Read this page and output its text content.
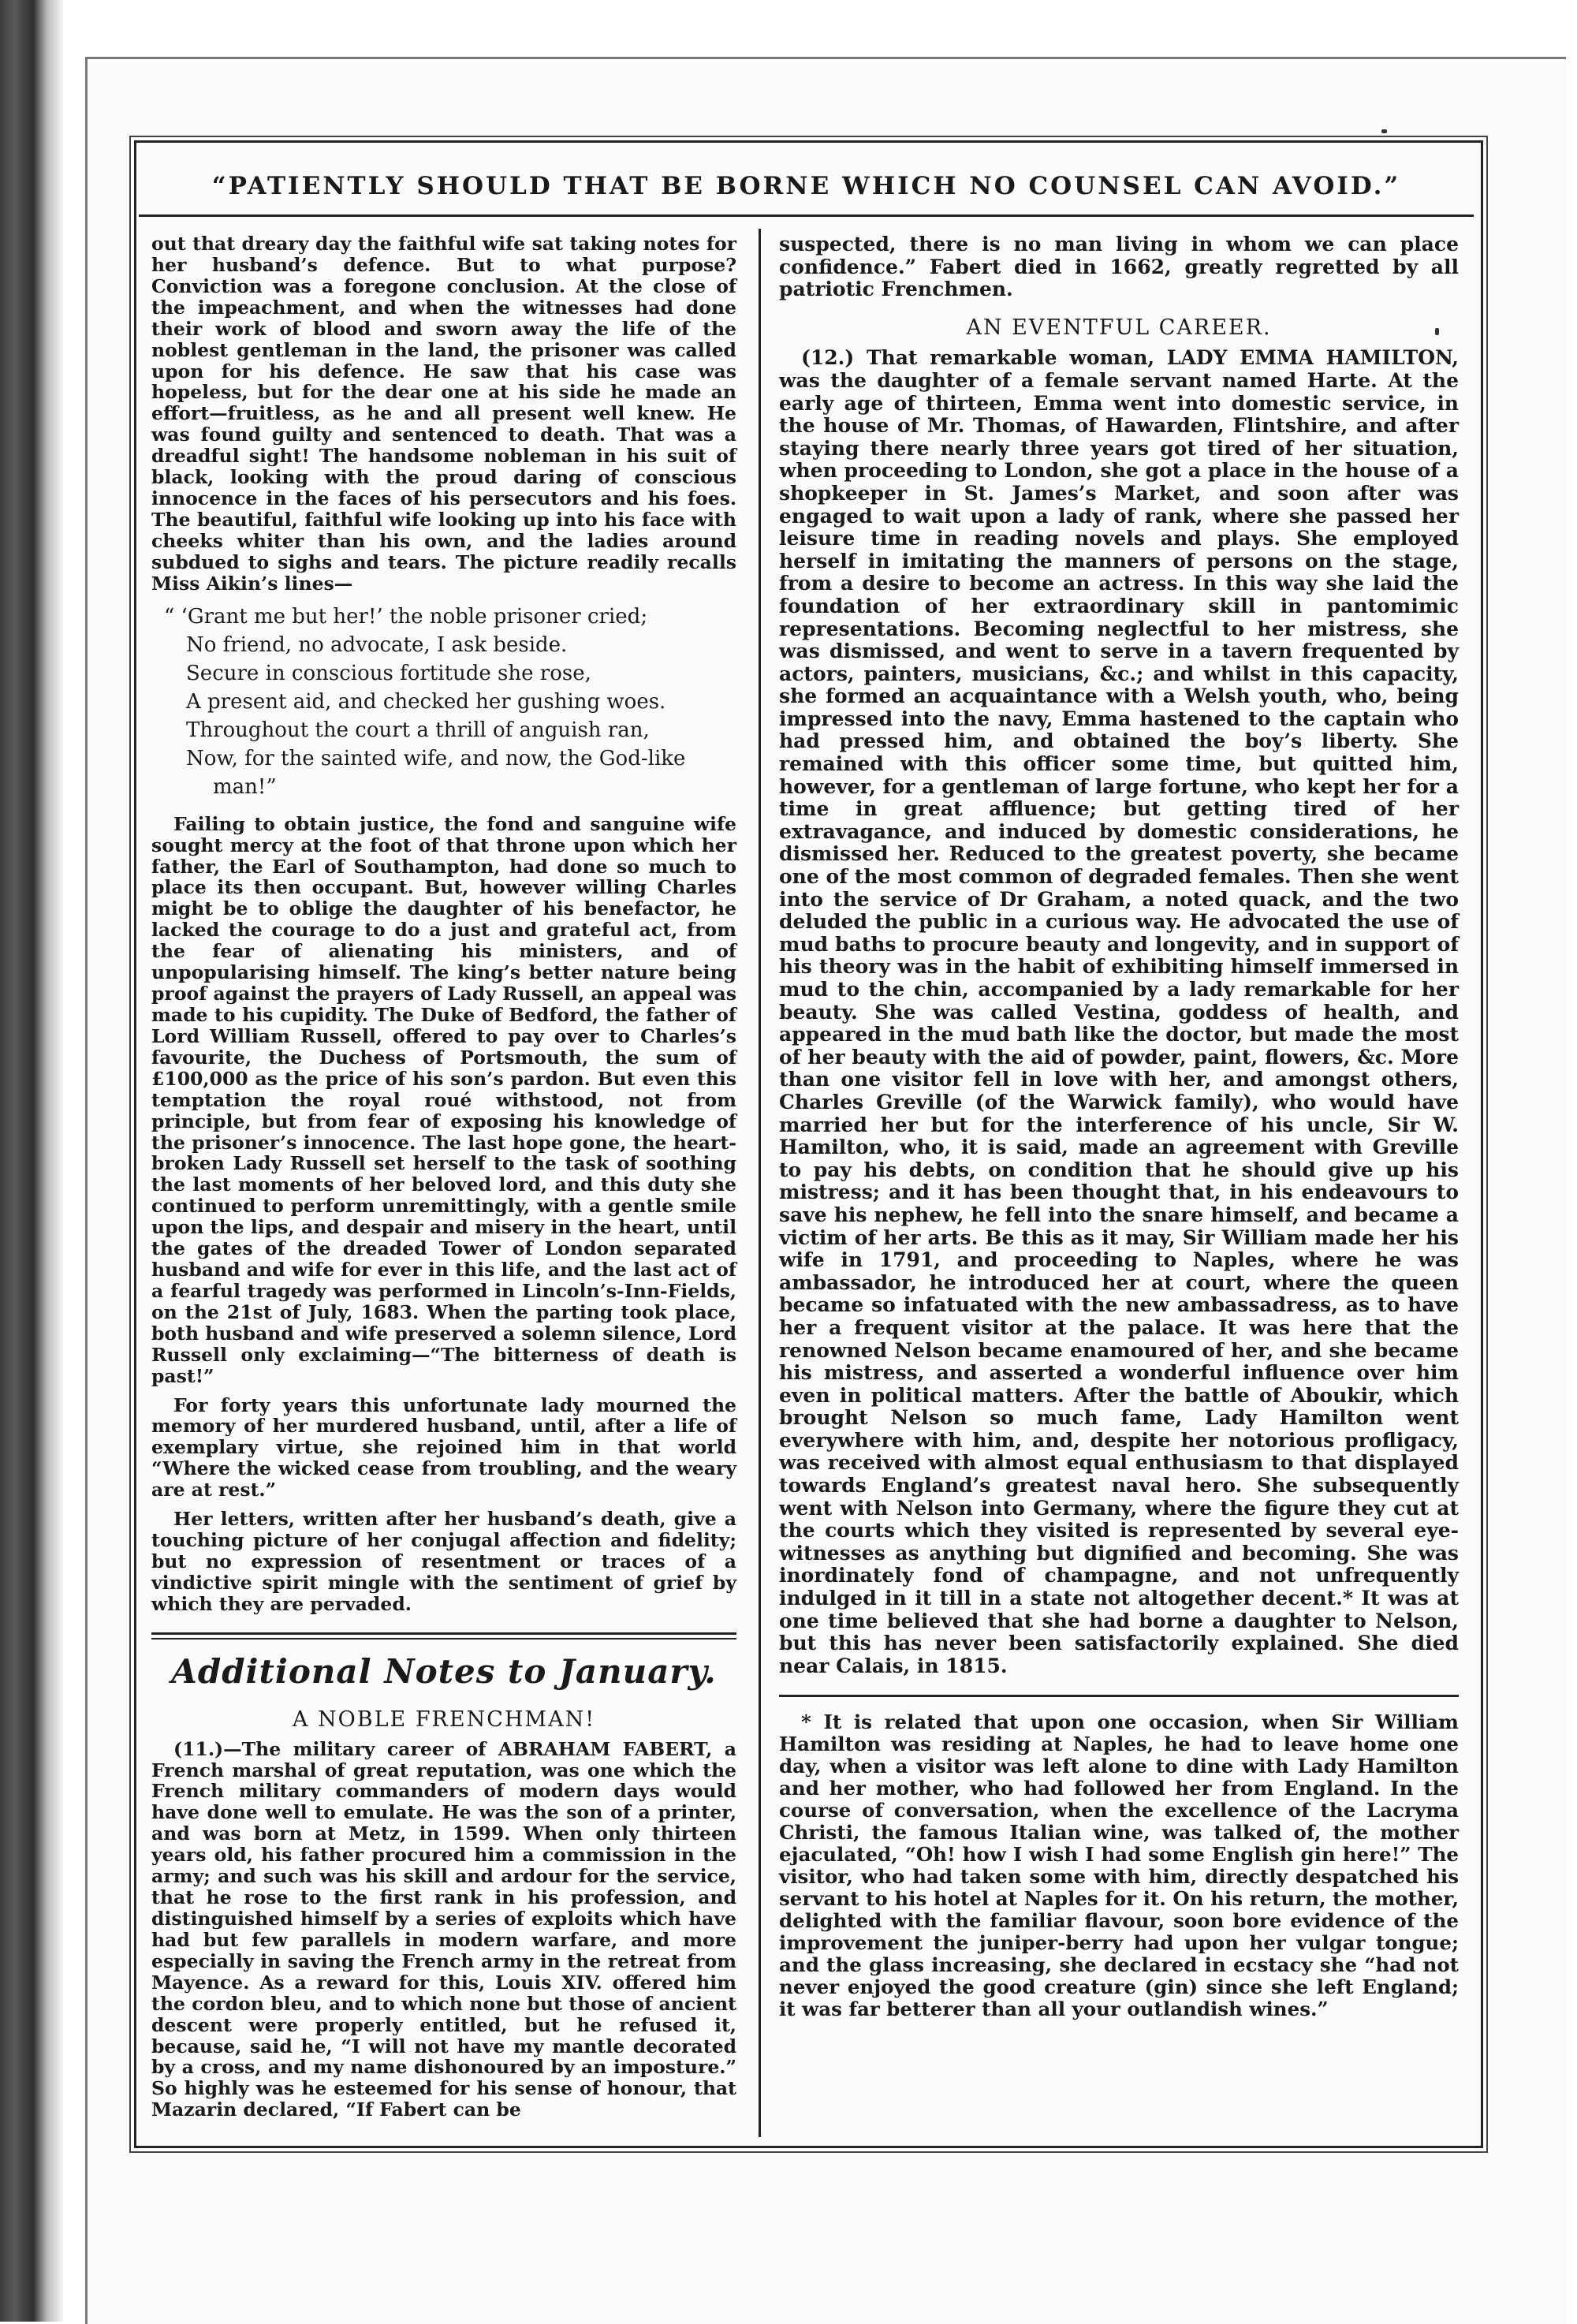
“PATIENTLY SHOULD THAT BE BORNE WHICH NO COUNSEL CAN AVOID.”

out that dreary day the faithful wife sat taking notes for her husband’s defence. But to what purpose? Conviction was a foregone conclusion. At the close of the impeachment, and when the witnesses had done their work of blood and sworn away the life of the noblest gentleman in the land, the prisoner was called upon for his defence. He saw that his case was hopeless, but for the dear one at his side he made an effort—fruitless, as he and all present well knew. He was found guilty and sentenced to death. That was a dreadful sight! The handsome nobleman in his suit of black, looking with the proud daring of conscious innocence in the faces of his persecutors and his foes. The beautiful, faithful wife looking up into his face with cheeks whiter than his own, and the ladies around subdued to sighs and tears. The picture readily recalls Miss Aikin’s lines—

“ ‘Grant me but her!’ the noble prisoner cried;
No friend, no advocate, I ask beside.
Secure in conscious fortitude she rose,
A present aid, and checked her gushing woes.
Throughout the court a thrill of anguish ran,
Now, for the sainted wife, and now, the God-like
man!”

Failing to obtain justice, the fond and sanguine wife sought mercy at the foot of that throne upon which her father, the Earl of Southampton, had done so much to place its then occupant. But, however willing Charles might be to oblige the daughter of his benefactor, he lacked the courage to do a just and grateful act, from the fear of alienating his ministers, and of unpopularising himself. The king’s better nature being proof against the prayers of Lady Russell, an appeal was made to his cupidity. The Duke of Bedford, the father of Lord William Russell, offered to pay over to Charles’s favourite, the Duchess of Portsmouth, the sum of £100,000 as the price of his son’s pardon. But even this temptation the royal roué withstood, not from principle, but from fear of exposing his knowledge of the prisoner’s innocence. The last hope gone, the heart-broken Lady Russell set herself to the task of soothing the last moments of her beloved lord, and this duty she continued to perform unremittingly, with a gentle smile upon the lips, and despair and misery in the heart, until the gates of the dreaded Tower of London separated husband and wife for ever in this life, and the last act of a fearful tragedy was performed in Lincoln’s-Inn-Fields, on the 21st of July, 1683. When the parting took place, both husband and wife preserved a solemn silence, Lord Russell only exclaiming—“The bitterness of death is past!”

For forty years this unfortunate lady mourned the memory of her murdered husband, until, after a life of exemplary virtue, she rejoined him in that world “Where the wicked cease from troubling, and the weary are at rest.”

Her letters, written after her husband’s death, give a touching picture of her conjugal affection and fidelity; but no expression of resentment or traces of a vindictive spirit mingle with the sentiment of grief by which they are pervaded.

Additional Notes to January.
A NOBLE FRENCHMAN!

(11.)—The military career of ABRAHAM FABERT, a French marshal of great reputation, was one which the French military commanders of modern days would have done well to emulate. He was the son of a printer, and was born at Metz, in 1599. When only thirteen years old, his father procured him a commission in the army; and such was his skill and ardour for the service, that he rose to the first rank in his profession, and distinguished himself by a series of exploits which have had but few parallels in modern warfare, and more especially in saving the French army in the retreat from Mayence. As a reward for this, Louis XIV. offered him the cordon bleu, and to which none but those of ancient descent were properly entitled, but he refused it, because, said he, “I will not have my mantle decorated by a cross, and my name dishonoured by an imposture.” So highly was he esteemed for his sense of honour, that Mazarin declared, “If Fabert can be

suspected, there is no man living in whom we can place confidence.” Fabert died in 1662, greatly regretted by all patriotic Frenchmen.

AN EVENTFUL CAREER.

(12.) That remarkable woman, LADY EMMA HAMILTON, was the daughter of a female servant named Harte. At the early age of thirteen, Emma went into domestic service, in the house of Mr. Thomas, of Hawarden, Flintshire, and after staying there nearly three years got tired of her situation, when proceeding to London, she got a place in the house of a shopkeeper in St. James’s Market, and soon after was engaged to wait upon a lady of rank, where she passed her leisure time in reading novels and plays. She employed herself in imitating the manners of persons on the stage, from a desire to become an actress. In this way she laid the foundation of her extraordinary skill in pantomimic representations. Becoming neglectful to her mistress, she was dismissed, and went to serve in a tavern frequented by actors, painters, musicians, &c.; and whilst in this capacity, she formed an acquaintance with a Welsh youth, who, being impressed into the navy, Emma hastened to the captain who had pressed him, and obtained the boy’s liberty. She remained with this officer some time, but quitted him, however, for a gentleman of large fortune, who kept her for a time in great affluence; but getting tired of her extravagance, and induced by domestic considerations, he dismissed her. Reduced to the greatest poverty, she became one of the most common of degraded females. Then she went into the service of Dr Graham, a noted quack, and the two deluded the public in a curious way. He advocated the use of mud baths to procure beauty and longevity, and in support of his theory was in the habit of exhibiting himself immersed in mud to the chin, accompanied by a lady remarkable for her beauty. She was called Vestina, goddess of health, and appeared in the mud bath like the doctor, but made the most of her beauty with the aid of powder, paint, flowers, &c. More than one visitor fell in love with her, and amongst others, Charles Greville (of the Warwick family), who would have married her but for the interference of his uncle, Sir W. Hamilton, who, it is said, made an agreement with Greville to pay his debts, on condition that he should give up his mistress; and it has been thought that, in his endeavours to save his nephew, he fell into the snare himself, and became a victim of her arts. Be this as it may, Sir William made her his wife in 1791, and proceeding to Naples, where he was ambassador, he introduced her at court, where the queen became so infatuated with the new ambassadress, as to have her a frequent visitor at the palace. It was here that the renowned Nelson became enamoured of her, and she became his mistress, and asserted a wonderful influence over him even in political matters. After the battle of Aboukir, which brought Nelson so much fame, Lady Hamilton went everywhere with him, and, despite her notorious profligacy, was received with almost equal enthusiasm to that displayed towards England’s greatest naval hero. She subsequently went with Nelson into Germany, where the figure they cut at the courts which they visited is represented by several eye-witnesses as anything but dignified and becoming. She was inordinately fond of champagne, and not unfrequently indulged in it till in a state not altogether decent.* It was at one time believed that she had borne a daughter to Nelson, but this has never been satisfactorily explained. She died near Calais, in 1815.

* It is related that upon one occasion, when Sir William Hamilton was residing at Naples, he had to leave home one day, when a visitor was left alone to dine with Lady Hamilton and her mother, who had followed her from England. In the course of conversation, when the excellence of the Lacryma Christi, the famous Italian wine, was talked of, the mother ejaculated, “Oh! how I wish I had some English gin here!” The visitor, who had taken some with him, directly despatched his servant to his hotel at Naples for it. On his return, the mother, delighted with the familiar flavour, soon bore evidence of the improvement the juniper-berry had upon her vulgar tongue; and the glass increasing, she declared in ecstacy she “had not never enjoyed the good creature (gin) since she left England; it was far betterer than all your outlandish wines.”
